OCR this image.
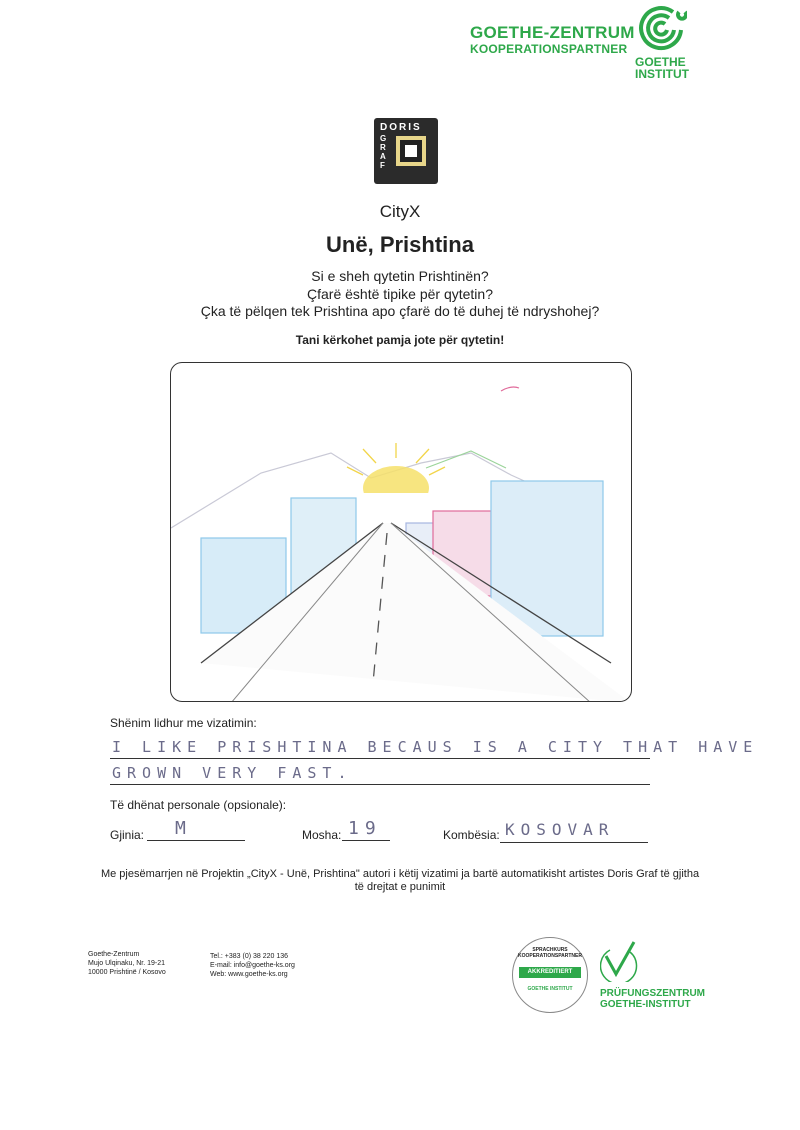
GOETHE-ZENTRUM
KOOPERATIONSPARTNER
GOETHE
INSTITUT
DORIS
G
R
A
F
CityX
Unë, Prishtina
Si e sheh qytetin Prishtinën?
Çfarë është tipike për qytetin?
Çka të pëlqen tek Prishtina apo çfarë do të duhej të ndryshohej?
Tani kërkohet pamja jote për qytetin!
Shënim lidhur me vizatimin:
I LIKE PRISHTINA BECAUS IS A CITY THAT HAVE
GROWN VERY FAST.
Të dhënat personale (opsionale):
Gjinia: M	Mosha: 19	Kombësia: KOSOVAR
Me pjesëmarrjen në Projektin „CityX - Unë, Prishtina" autori i këtij vizatimi ja bartë automatikisht artistes Doris Graf të gjitha të drejtat e punimit
Goethe-Zentrum
Mujo Ulqinaku, Nr. 19-21
10000 Prishtinë / Kosovo
Tel.: +383 (0) 38 220 136
E-mail: info@goethe-ks.org
Web: www.goethe-ks.org
SPRACHKURS
KOOPERATIONSPARTNER
AKKREDITIERT
GOETHE INSTITUT	PRÜFUNGSZENTRUM
GOETHE-INSTITUT
